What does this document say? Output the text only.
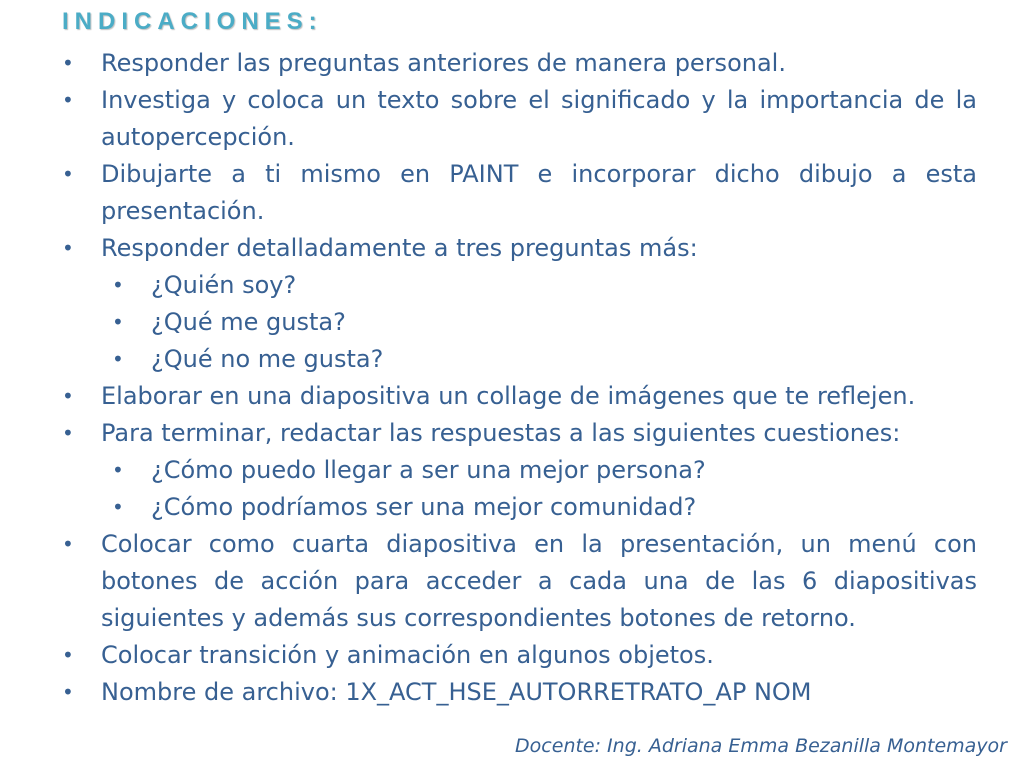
INDICACIONES:
• Responder las preguntas anteriores de manera personal.
• Investiga y coloca un texto sobre el significado y la importancia de la autopercepción.
• Dibujarte a ti mismo en PAINT e incorporar dicho dibujo a esta presentación.
• Responder detalladamente a tres preguntas más:
• ¿Quién soy?
• ¿Qué me gusta?
• ¿Qué no me gusta?
• Elaborar en una diapositiva un collage de imágenes que te reflejen.
• Para terminar, redactar las respuestas a las siguientes cuestiones:
• ¿Cómo puedo llegar a ser una mejor persona?
• ¿Cómo podríamos ser una mejor comunidad?
• Colocar como cuarta diapositiva en la presentación, un menú con botones de acción para acceder a cada una de las 6 diapositivas siguientes y además sus correspondientes botones de retorno.
• Colocar transición y animación en algunos objetos.
• Nombre de archivo: 1X_ACT_HSE_AUTORRETRATO_AP NOM
Docente: Ing. Adriana Emma Bezanilla Montemayor
